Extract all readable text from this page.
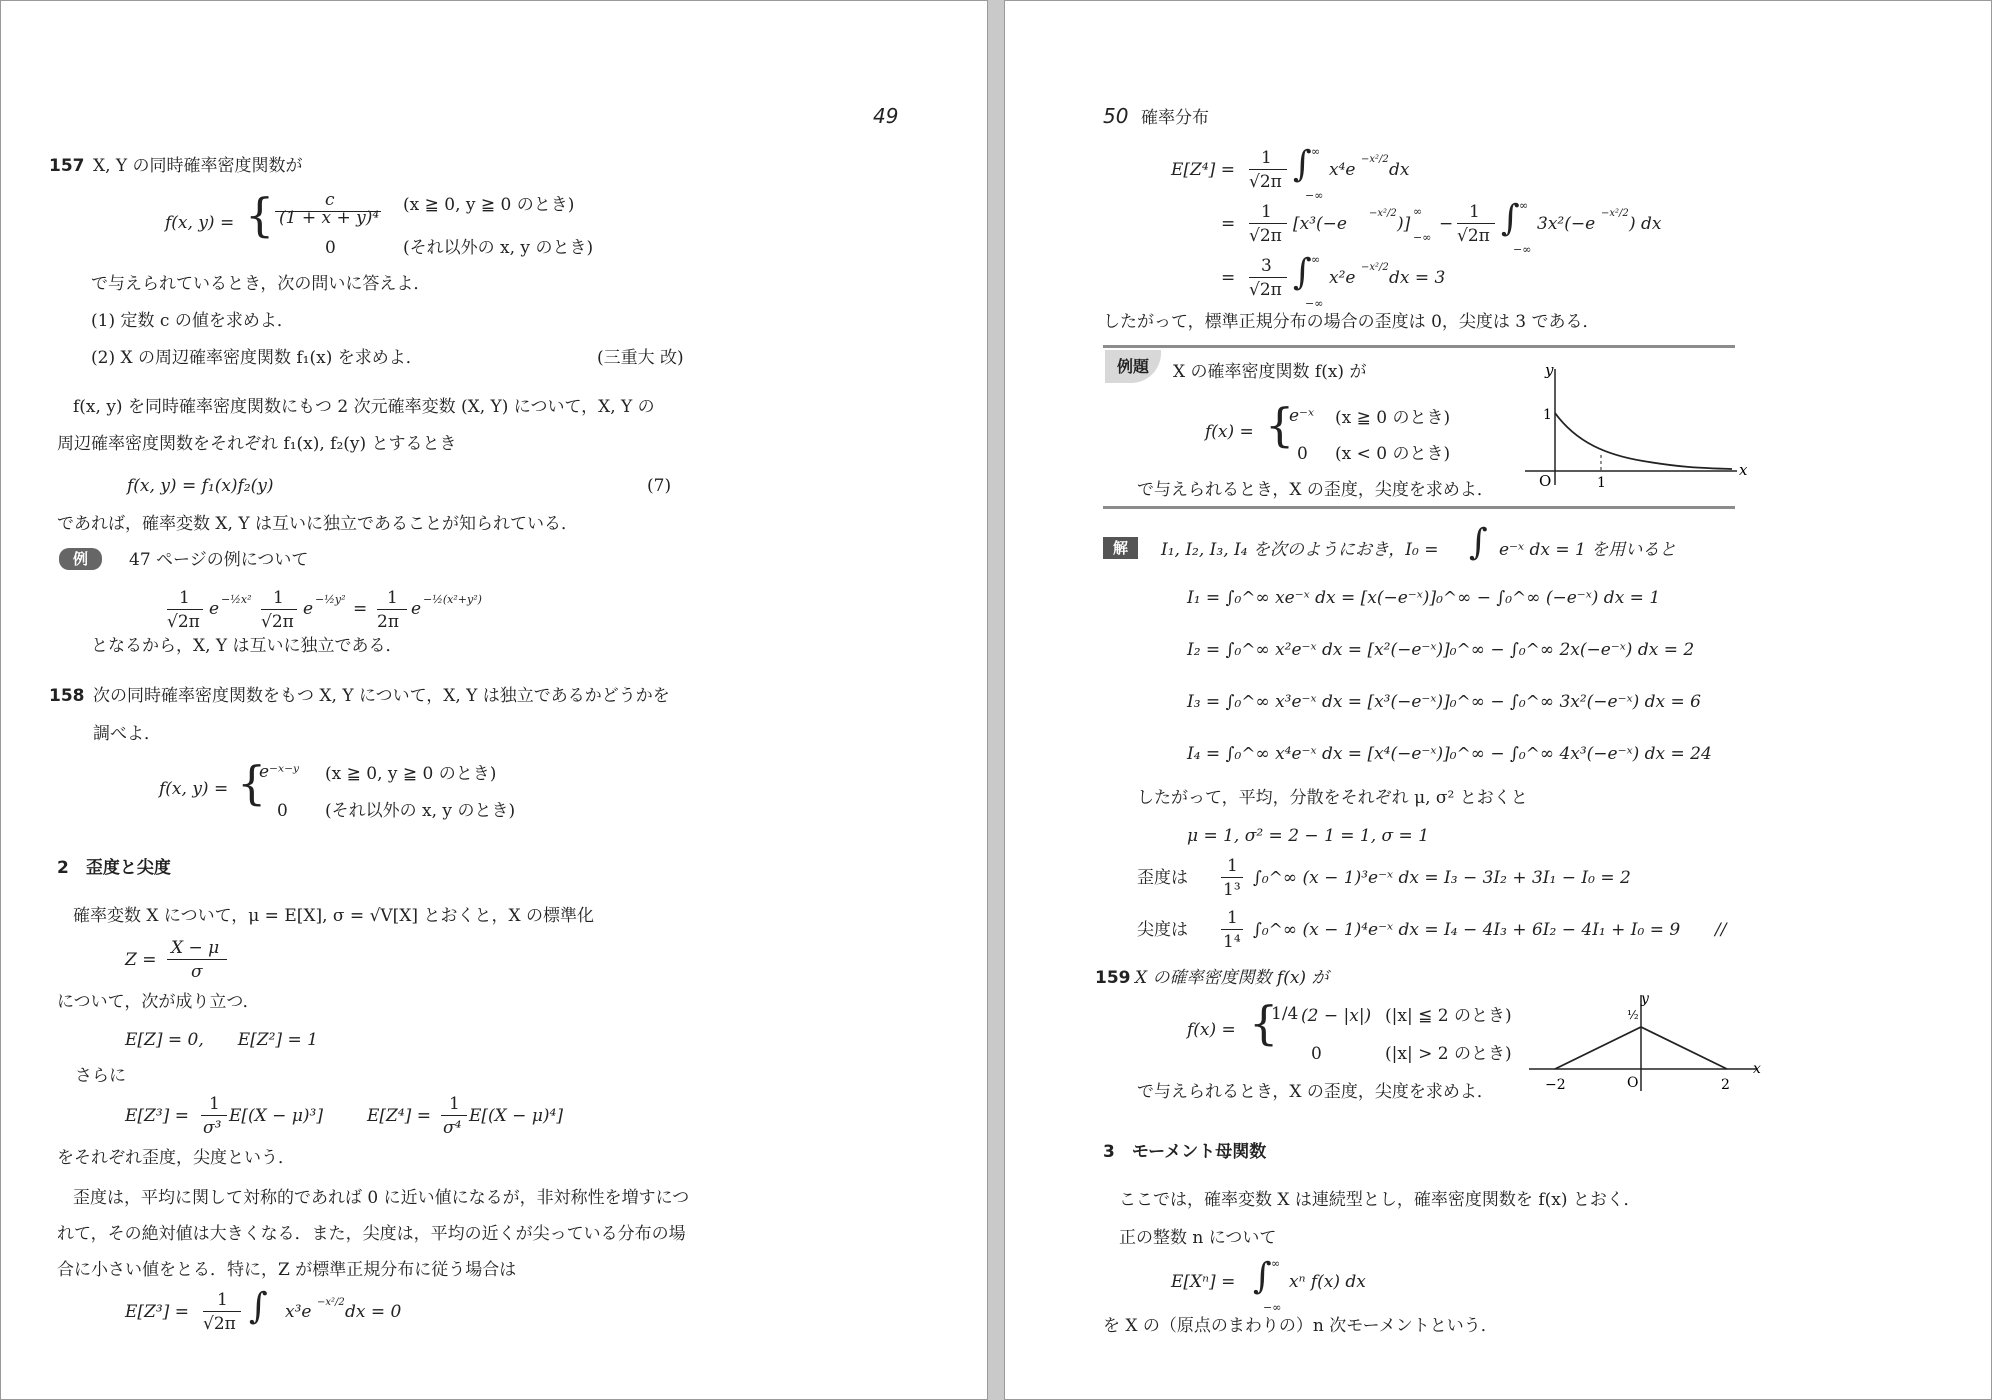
49
157 X, Y の同時確率密度関数が
f(x, y) = {	c
(1 + x + y)⁴
(x ≧ 0, y ≧ 0 のとき)
0	(それ以外の x, y のとき)
で与えられているとき，次の問いに答えよ．
(1) 定数 c の値を求めよ．
(2) X の周辺確率密度関数 f₁(x) を求めよ．	(三重大 改)
f(x, y) を同時確率密度関数にもつ 2 次元確率変数 (X, Y) について，X, Y の
周辺確率密度関数をそれぞれ f₁(x), f₂(y) とするとき
f(x, y) = f₁(x)f₂(y)	(7)
であれば，確率変数 X, Y は互いに独立であることが知られている．
例	47 ページの例について
1
√2π
e −½x² 1
√2π
e −½y² =
1
2π
e −½(x²+y²)
となるから，X, Y は互いに独立である．
158 次の同時確率密度関数をもつ X, Y について，X, Y は独立であるかどうかを
調べよ．
f(x, y) = {
e⁻ˣ⁻ʸ (x ≧ 0, y ≧ 0 のとき)
0 (それ以外の x, y のとき)
2　歪度と尖度
確率変数 X について，μ = E[X], σ = √V[X] とおくと，X の標準化
Z =
X − μ
σ
について，次が成り立つ．
E[Z] = 0,　　E[Z²] = 1
さらに
E[Z³] =
1
σ³
E[(X − μ)³]	E[Z⁴] =
1
σ⁴
E[(X − μ)⁴]
をそれぞれ歪度，尖度という．
歪度は，平均に関して対称的であれば 0 に近い値になるが，非対称性を増すにつ
れて，その絶対値は大きくなる．また，尖度は，平均の近くが尖っている分布の場
合に小さい値をとる．特に，Z が標準正規分布に従う場合は
E[Z³] =
1
√2π ∫ x³e −x²/2 dx = 0
50 確率分布
E[Z⁴] =
1
√2π ∫ ∞
−∞
x⁴e
−x²/2
dx
=
1
√2π
[x³(−e
−x²/2
)]
∞
−∞
−
1
√2π ∫ ∞
−∞
3x²(−e
−x²/2
) dx
=
3
√2π ∫ ∞
−∞
x²e
−x²/2
dx = 3
したがって，標準正規分布の場合の歪度は 0，尖度は 3 である．
例題	X の確率密度関数 f(x) が
f(x) = {
e⁻ˣ (x ≧ 0 のとき)
0 (x < 0 のとき)
で与えられるとき，X の歪度，尖度を求めよ．
y
x
O
1
1
解	I₁, I₂, I₃, I₄ を次のようにおき，I₀ = ∫ e⁻ˣ dx = 1 を用いると
I₁ = ∫₀^∞ xe⁻ˣ dx = [x(−e⁻ˣ)]₀^∞ − ∫₀^∞ (−e⁻ˣ) dx = 1
I₂ = ∫₀^∞ x²e⁻ˣ dx = [x²(−e⁻ˣ)]₀^∞ − ∫₀^∞ 2x(−e⁻ˣ) dx = 2
I₃ = ∫₀^∞ x³e⁻ˣ dx = [x³(−e⁻ˣ)]₀^∞ − ∫₀^∞ 3x²(−e⁻ˣ) dx = 6
I₄ = ∫₀^∞ x⁴e⁻ˣ dx = [x⁴(−e⁻ˣ)]₀^∞ − ∫₀^∞ 4x³(−e⁻ˣ) dx = 24
したがって，平均，分散をそれぞれ μ, σ² とおくと
μ = 1, σ² = 2 − 1 = 1, σ = 1
歪度は
1
1³
∫₀^∞ (x − 1)³e⁻ˣ dx = I₃ − 3I₂ + 3I₁ − I₀ = 2
尖度は
1
1⁴
∫₀^∞ (x − 1)⁴e⁻ˣ dx = I₄ − 4I₃ + 6I₂ − 4I₁ + I₀ = 9 //
159 X の確率密度関数 f(x) が
f(x) = {
1/4 (2 − |x|) (|x| ≦ 2 のとき)
0	(|x| > 2 のとき)
で与えられるとき，X の歪度，尖度を求めよ．
y
x
O
½
−2	2
3　モーメント母関数
ここでは，確率変数 X は連続型とし，確率密度関数を f(x) とおく．
正の整数 n について
E[Xⁿ] = ∫ ∞
−∞
xⁿ f(x) dx
を X の（原点のまわりの）n 次モーメントという．
